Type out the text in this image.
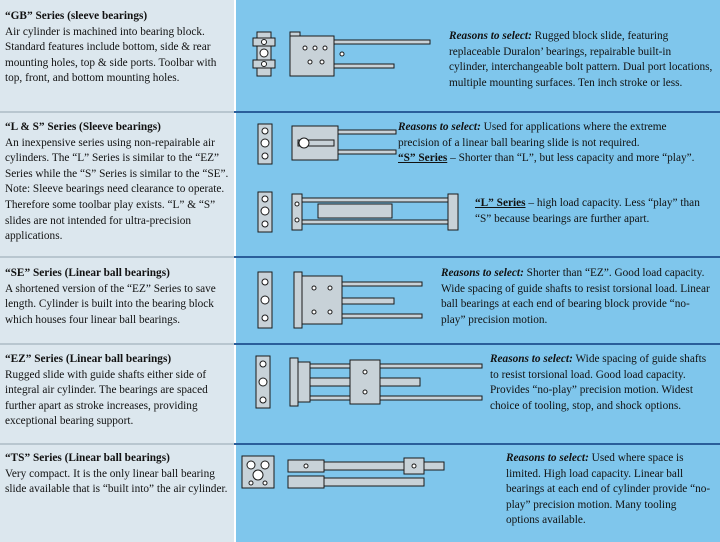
“GB” Series (sleeve bearings)
Air cylinder is machined into bearing block. Standard features include bottom, side & rear mounting holes, top & side ports. Toolbar with top, front, and bottom mounting holes.
Reasons to select: Rugged block slide, featuring replaceable Duralon’ bearings, repairable built-in cylinder, interchangeable bolt pattern. Dual port locations, multiple mounting surfaces. Ten inch stroke or less.
“L & S” Series (Sleeve bearings)
An inexpensive series using non-repairable air cylinders. The “L” Series is similar to the “EZ” Series while the “S” Series is similar to the “SE”. Note: Sleeve bearings need clearance to operate. Therefore some toolbar play exists. “L” & “S” slides are not intended for ultra-precision applications.
Reasons to select: Used for applications where the extreme precision of a linear ball bearing slide is not required.
“S” Series – Shorter than “L”, but less capacity and more “play”.
“L” Series – high load capacity. Less “play” than “S” because bearings are further apart.
“SE” Series (Linear ball bearings)
A shortened version of the “EZ” Series to save length. Cylinder is built into the bearing block which houses four linear ball bearings.
Reasons to select: Shorter than “EZ”. Good load capacity. Wide spacing of guide shafts to resist torsional load. Linear ball bearings at each end of bearing block provide “no-play” precision motion.
“EZ” Series (Linear ball bearings)
Rugged slide with guide shafts either side of integral air cylinder. The bearings are spaced further apart as stroke increases, providing exceptional bearing support.
Reasons to select: Wide spacing of guide shafts to resist torsional load. Good load capacity. Provides “no-play” precision motion. Widest choice of tooling, stop, and shock options.
“TS” Series (Linear ball bearings)
Very compact. It is the only linear ball bearing slide available that is “built into” the air cylinder.
Reasons to select: Used where space is limited. High load capacity. Linear ball bearings at each end of cylinder provide “no-play” precision motion. Many tooling options available.
